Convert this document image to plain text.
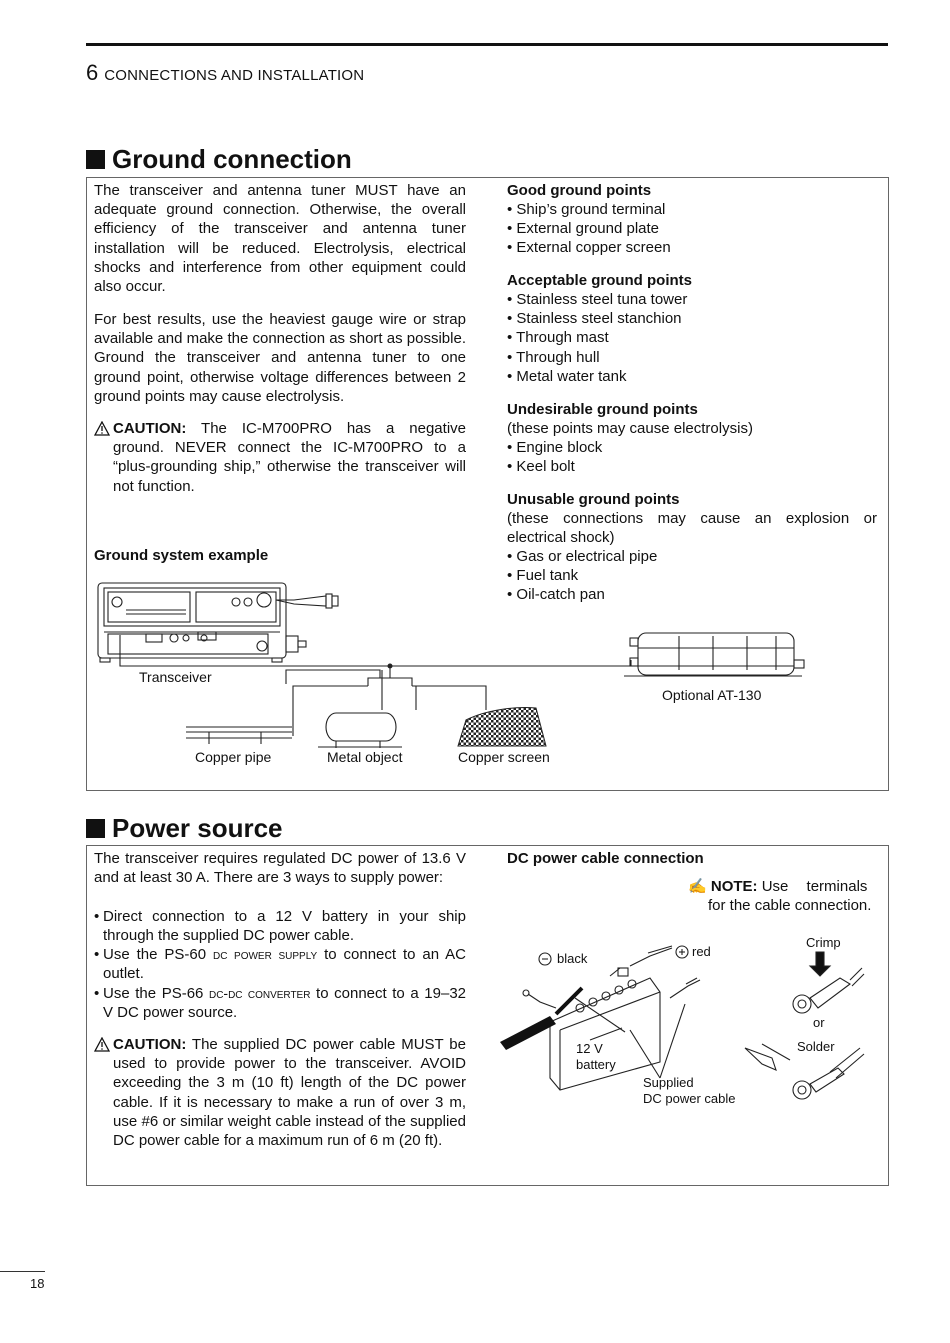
6 CONNECTIONS AND INSTALLATION
Ground connection
The transceiver and antenna tuner MUST have an adequate ground connection. Otherwise, the overall efficiency of the transceiver and antenna tuner installation will be reduced. Electrolysis, electrical shocks and interference from other equipment could also occur.
For best results, use the heaviest gauge wire or strap available and make the connection as short as possible. Ground the transceiver and antenna tuner to one ground point, otherwise voltage differences between 2 ground points may cause electrolysis.
CAUTION: The IC-M700PRO has a negative ground. NEVER connect the IC-M700PRO to a “plus-grounding ship,” otherwise the transceiver will not function.
Ground system example
Good ground points
• Ship’s ground terminal
• External ground plate
• External copper screen
Acceptable ground points
• Stainless steel tuna tower
• Stainless steel stanchion
• Through mast
• Through hull
• Metal water tank
Undesirable ground points
(these points may cause electrolysis)
• Engine block
• Keel bolt
Unusable ground points
(these connections may cause an explosion or electrical shock)
• Gas or electrical pipe
• Fuel tank
• Oil-catch pan
Transceiver
Optional AT-130
Copper pipe	Metal object	Copper screen
Power source
The transceiver requires regulated DC power of 13.6 V and at least 30 A. There are 3 ways to supply power:
• Direct connection to a 12 V battery in your ship through the supplied DC power cable.
• Use the PS-60 dc power supply to connect to an AC outlet.
• Use the PS-66 dc-dc converter to connect to a 19–32 V DC power source.
CAUTION: The supplied DC power cable MUST be used to provide power to the transceiver. AVOID exceeding the 3 m (10 ft) length of the DC power cable. If it is necessary to make a run of over 3 m, use #6 or similar weight cable instead of the supplied DC power cable for a maximum run of 6 m (20 ft).
DC power cable connection
✍ NOTE: Use terminals
for the cable connection.
black	red
12 V
battery
Supplied
DC power cable
Crimp
or
Solder
18
